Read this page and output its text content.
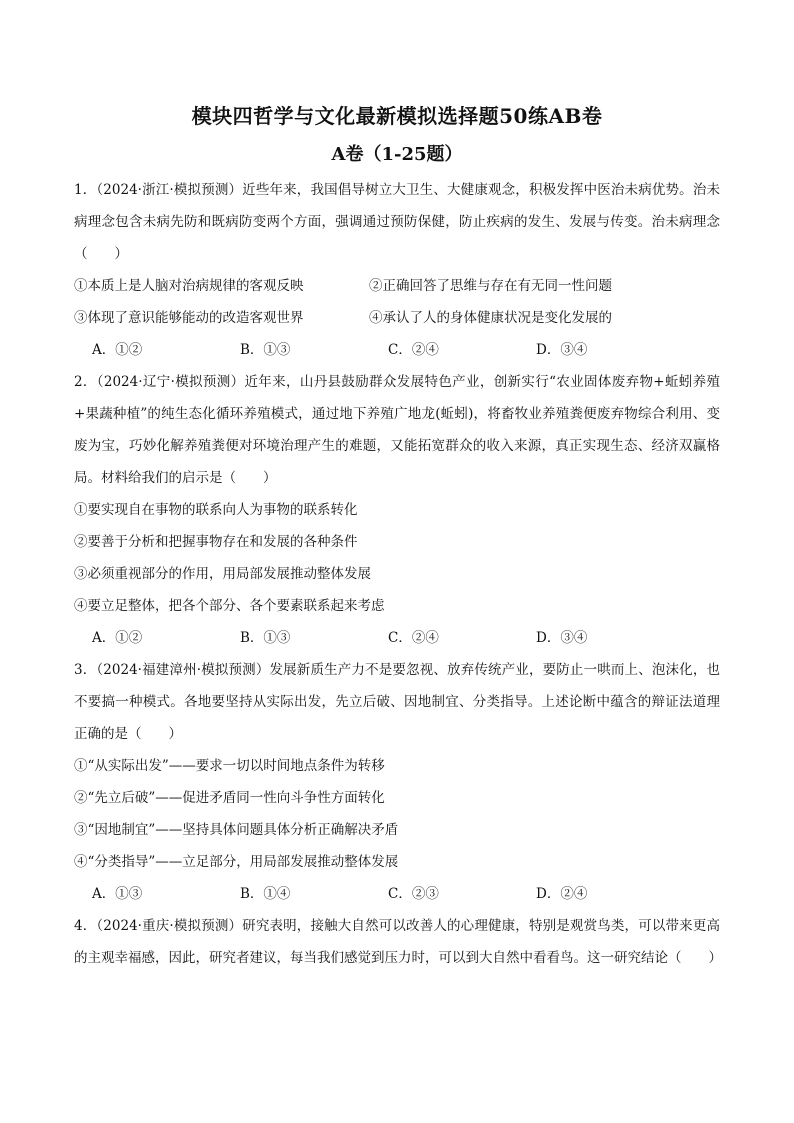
模块四哲学与文化最新模拟选择题50练AB卷
A卷（1-25题）

1．（2024·浙江·模拟预测）近些年来，我国倡导树立大卫生、大健康观念，积极发挥中医治未病优势。治未病理念包含未病先防和既病防变两个方面，强调通过预防保健，防止疾病的发生、发展与传变。治未病理念（　　）

①本质上是人脑对治病规律的客观反映	②正确回答了思维与存在有无同一性问题

③体现了意识能够能动的改造客观世界	④承认了人的身体健康状况是变化发展的

A．①②	B．①③	C．②④	D．③④

2．（2024·辽宁·模拟预测）近年来，山丹县鼓励群众发展特色产业，创新实行“农业固体废弃物+蚯蚓养殖+果蔬种植”的纯生态化循环养殖模式，通过地下养殖广地龙(蚯蚓)，将畜牧业养殖粪便废弃物综合利用、变废为宝，巧妙化解养殖粪便对环境治理产生的难题，又能拓宽群众的收入来源，真正实现生态、经济双赢格局。材料给我们的启示是（　　）

①要实现自在事物的联系向人为事物的联系转化

②要善于分析和把握事物存在和发展的各种条件

③必须重视部分的作用，用局部发展推动整体发展

④要立足整体，把各个部分、各个要素联系起来考虑

A．①②	B．①③	C．②④	D．③④

3．（2024·福建漳州·模拟预测）发展新质生产力不是要忽视、放弃传统产业，要防止一哄而上、泡沫化，也不要搞一种模式。各地要坚持从实际出发，先立后破、因地制宜、分类指导。上述论断中蕴含的辩证法道理正确的是（　　）

①“从实际出发”——要求一切以时间地点条件为转移

②“先立后破”——促进矛盾同一性向斗争性方面转化

③“因地制宜”——坚持具体问题具体分析正确解决矛盾

④“分类指导”——立足部分，用局部发展推动整体发展

A．①③	B．①④	C．②③	D．②④

4．（2024·重庆·模拟预测）研究表明，接触大自然可以改善人的心理健康，特别是观赏鸟类，可以带来更高的主观幸福感，因此，研究者建议，每当我们感觉到压力时，可以到大自然中看看鸟。这一研究结论（　　）
